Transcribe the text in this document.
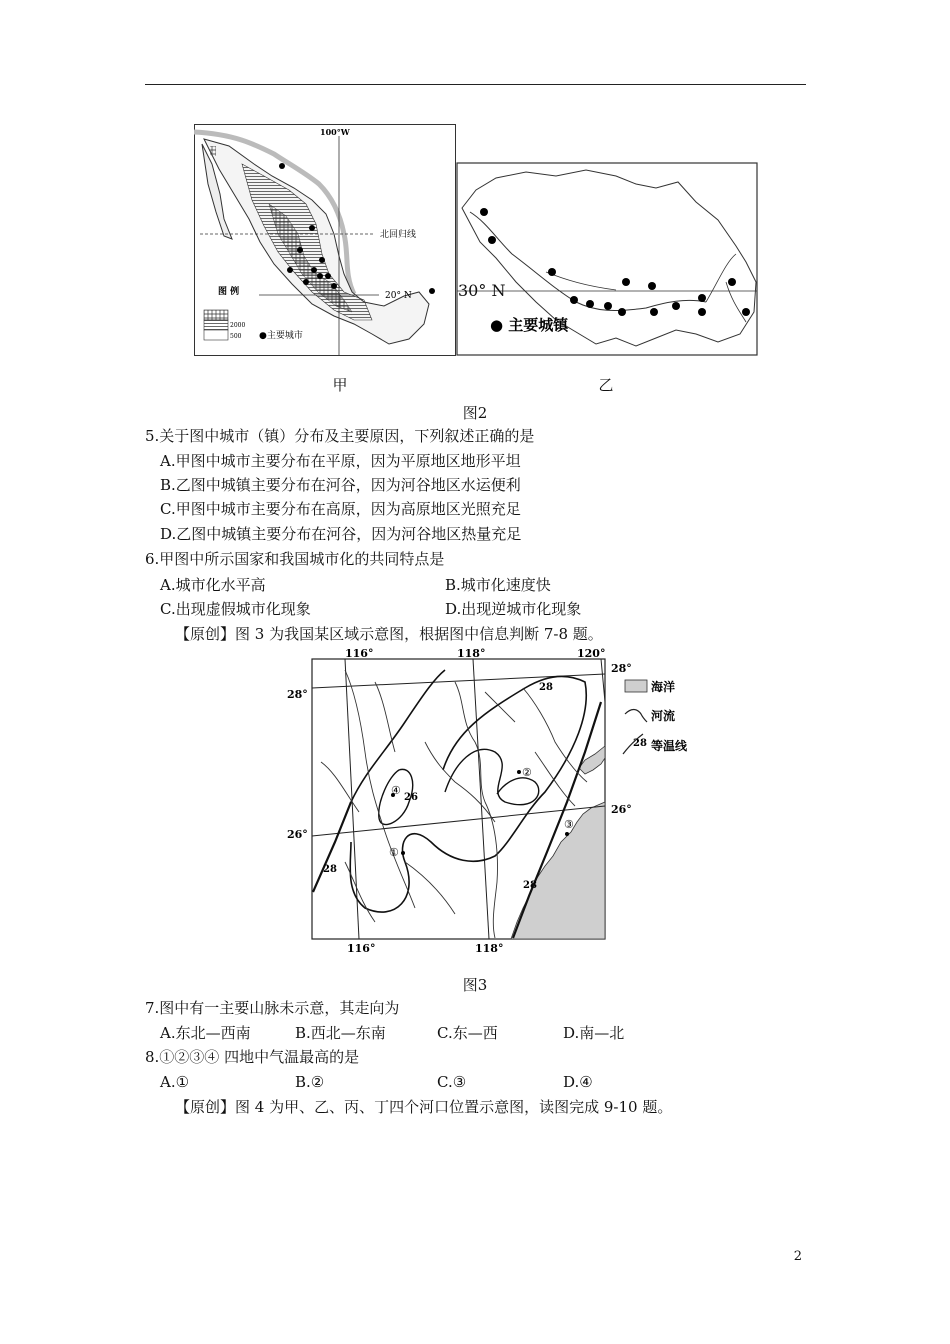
100°W
北回归线
20° N
图 例
2000
500 ●主要城市
● 主要城镇
30° N
甲	乙
图2
5.关于图中城市（镇）分布及主要原因，下列叙述正确的是
A.甲图中城市主要分布在平原，因为平原地区地形平坦
B.乙图中城镇主要分布在河谷，因为河谷地区水运便利
C.甲图中城市主要分布在高原，因为高原地区光照充足
D.乙图中城镇主要分布在河谷，因为河谷地区热量充足
6.甲图中所示国家和我国城市化的共同特点是
A.城市化水平高	B.城市化速度快
C.出现虚假城市化现象	D.出现逆城市化现象
【原创】图 3 为我国某区域示意图，根据图中信息判断 7-8 题。
①
②
③
④
28
26
28
28
116°	118°	120°
28°
28°
26°
26°
116°	118°
海洋
河流
28 等温线
图3
7.图中有一主要山脉未示意，其走向为
A.东北—西南	B.西北—东南	C.东—西	D.南—北
8.①②③④ 四地中气温最高的是
A.①	B.②	C.③	D.④
【原创】图 4 为甲、乙、丙、丁四个河口位置示意图，读图完成 9-10 题。
2
